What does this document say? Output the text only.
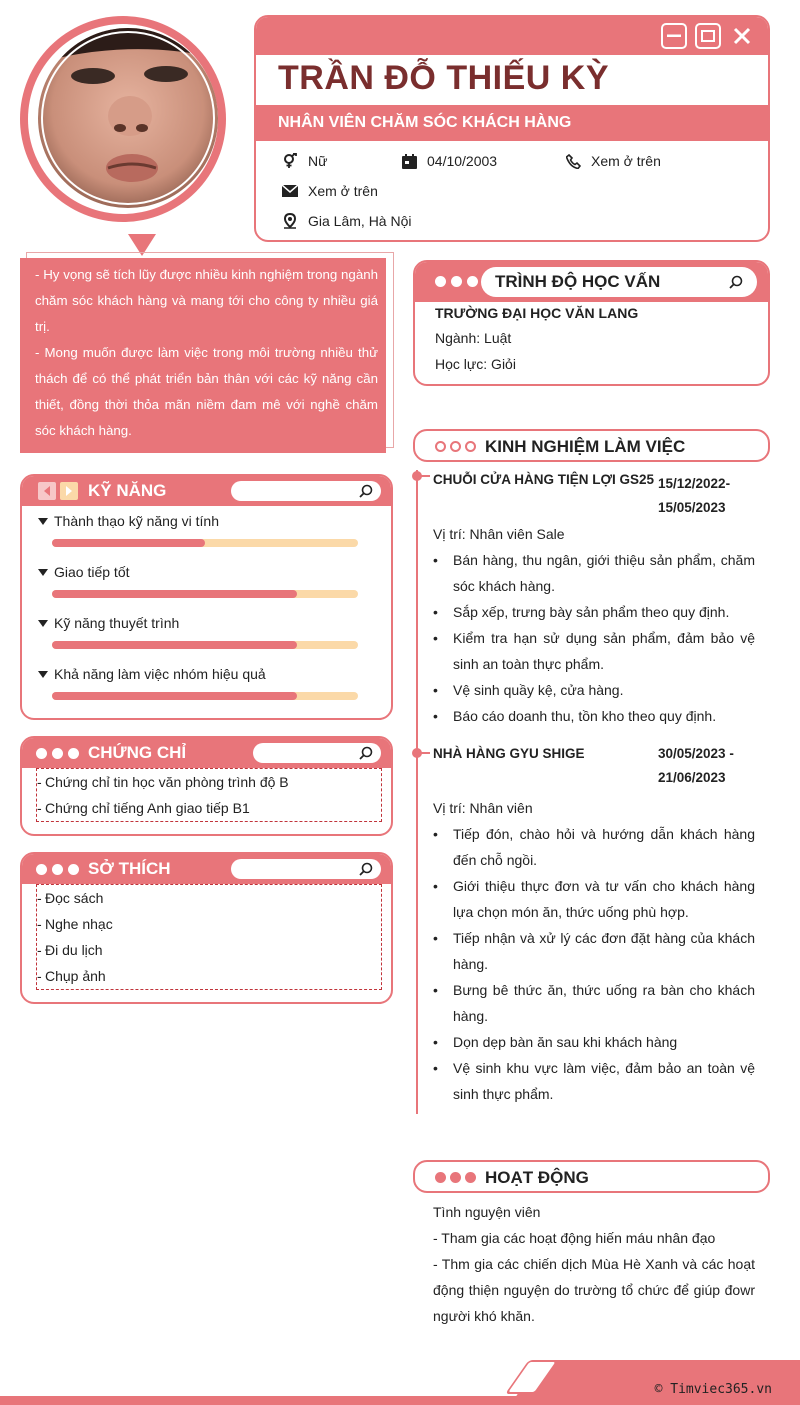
TRẦN ĐỖ THIẾU KỲ
NHÂN VIÊN CHĂM SÓC KHÁCH HÀNG
Nữ	04/10/2003	Xem ở trên
Xem ở trên
Gia Lâm, Hà Nội
- Hy vọng sẽ tích lũy được nhiều kinh nghiệm trong ngành chăm sóc khách hàng và mang tới cho công ty nhiều giá trị.
- Mong muốn được làm việc trong môi trường nhiều thử thách để có thể phát triển bản thân với các kỹ năng cần thiết, đồng thời thỏa mãn niềm đam mê với nghề chăm sóc khách hàng.
KỸ NĂNG
Thành thạo kỹ năng vi tính
Giao tiếp tốt
Kỹ năng thuyết trình
Khả năng làm việc nhóm hiệu quả
CHỨNG CHỈ
- Chứng chỉ tin học văn phòng trình độ B
- Chứng chỉ tiếng Anh giao tiếp B1
SỞ THÍCH
- Đọc sách
- Nghe nhạc
- Đi du lịch
- Chụp ảnh
TRÌNH ĐỘ HỌC VẤN
TRƯỜNG ĐẠI HỌC VĂN LANG
Ngành: Luật
Học lực: Giỏi
KINH NGHIỆM LÀM VIỆC
CHUỖI CỬA HÀNG TIỆN LỢI GS25 15/12/2022-
15/05/2023
Vị trí: Nhân viên Sale
• Bán hàng, thu ngân, giới thiệu sản phẩm, chăm sóc khách hàng.
• Sắp xếp, trưng bày sản phẩm theo quy định.
• Kiểm tra hạn sử dụng sản phẩm, đảm bảo vệ sinh an toàn thực phẩm.
• Vệ sinh quầy kệ, cửa hàng.
• Báo cáo doanh thu, tồn kho theo quy định.
NHÀ HÀNG GYU SHIGE	30/05/2023 -
21/06/2023
Vị trí: Nhân viên
• Tiếp đón, chào hỏi và hướng dẫn khách hàng đến chỗ ngồi.
• Giới thiệu thực đơn và tư vấn cho khách hàng lựa chọn món ăn, thức uống phù hợp.
• Tiếp nhận và xử lý các đơn đặt hàng của khách hàng.
• Bưng bê thức ăn, thức uống ra bàn cho khách hàng.
• Dọn dẹp bàn ăn sau khi khách hàng
• Vệ sinh khu vực làm việc, đảm bảo an toàn vệ sinh thực phẩm.
HOẠT ĐỘNG
Tình nguyện viên
- Tham gia các hoạt động hiến máu nhân đạo
- Thm gia các chiến dịch Mùa Hè Xanh và các hoạt động thiện nguyện do trường tổ chức để giúp đowr người khó khăn.
© Timviec365.vn
